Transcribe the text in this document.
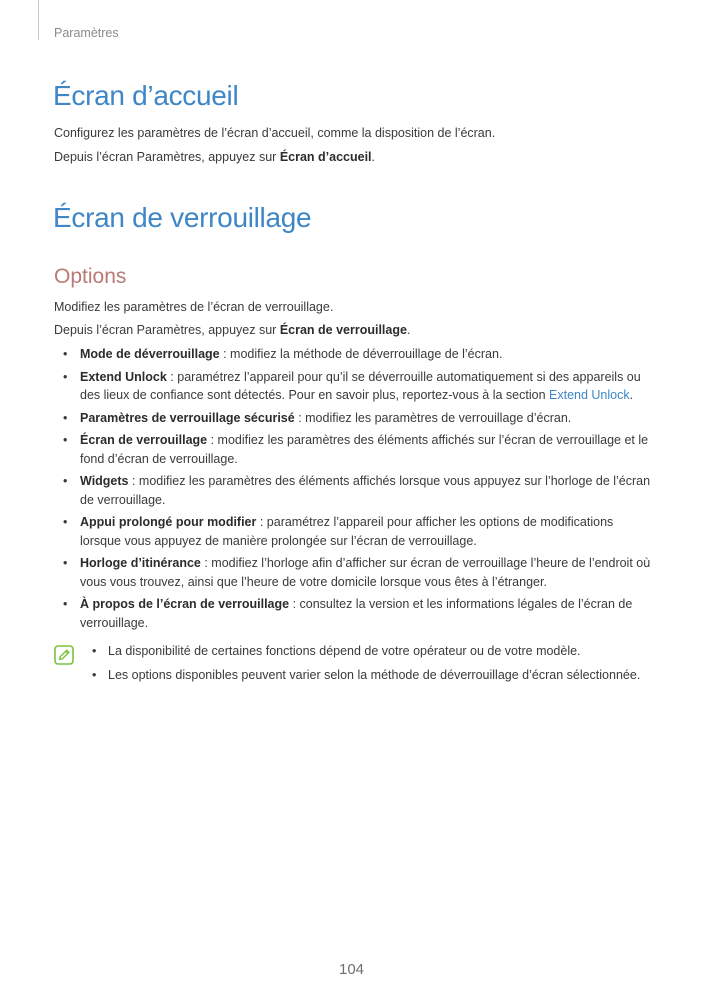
Paramètres
Écran d’accueil
Configurez les paramètres de l’écran d’accueil, comme la disposition de l’écran.
Depuis l’écran Paramètres, appuyez sur Écran d’accueil.
Écran de verrouillage
Options
Modifiez les paramètres de l’écran de verrouillage.
Depuis l’écran Paramètres, appuyez sur Écran de verrouillage.
• Mode de déverrouillage : modifiez la méthode de déverrouillage de l’écran.
• Extend Unlock : paramétrez l’appareil pour qu’il se déverrouille automatiquement si des appareils ou des lieux de confiance sont détectés. Pour en savoir plus, reportez-vous à la section Extend Unlock.
• Paramètres de verrouillage sécurisé : modifiez les paramètres de verrouillage d’écran.
• Écran de verrouillage : modifiez les paramètres des éléments affichés sur l’écran de verrouillage et le fond d’écran de verrouillage.
• Widgets : modifiez les paramètres des éléments affichés lorsque vous appuyez sur l’horloge de l’écran de verrouillage.
• Appui prolongé pour modifier : paramétrez l’appareil pour afficher les options de modifications lorsque vous appuyez de manière prolongée sur l’écran de verrouillage.
• Horloge d’itinérance : modifiez l’horloge afin d’afficher sur écran de verrouillage l’heure de l’endroit où vous vous trouvez, ainsi que l’heure de votre domicile lorsque vous êtes à l’étranger.
• À propos de l’écran de verrouillage : consultez la version et les informations légales de l’écran de verrouillage.
• La disponibilité de certaines fonctions dépend de votre opérateur ou de votre modèle.
• Les options disponibles peuvent varier selon la méthode de déverrouillage d’écran sélectionnée.
104
